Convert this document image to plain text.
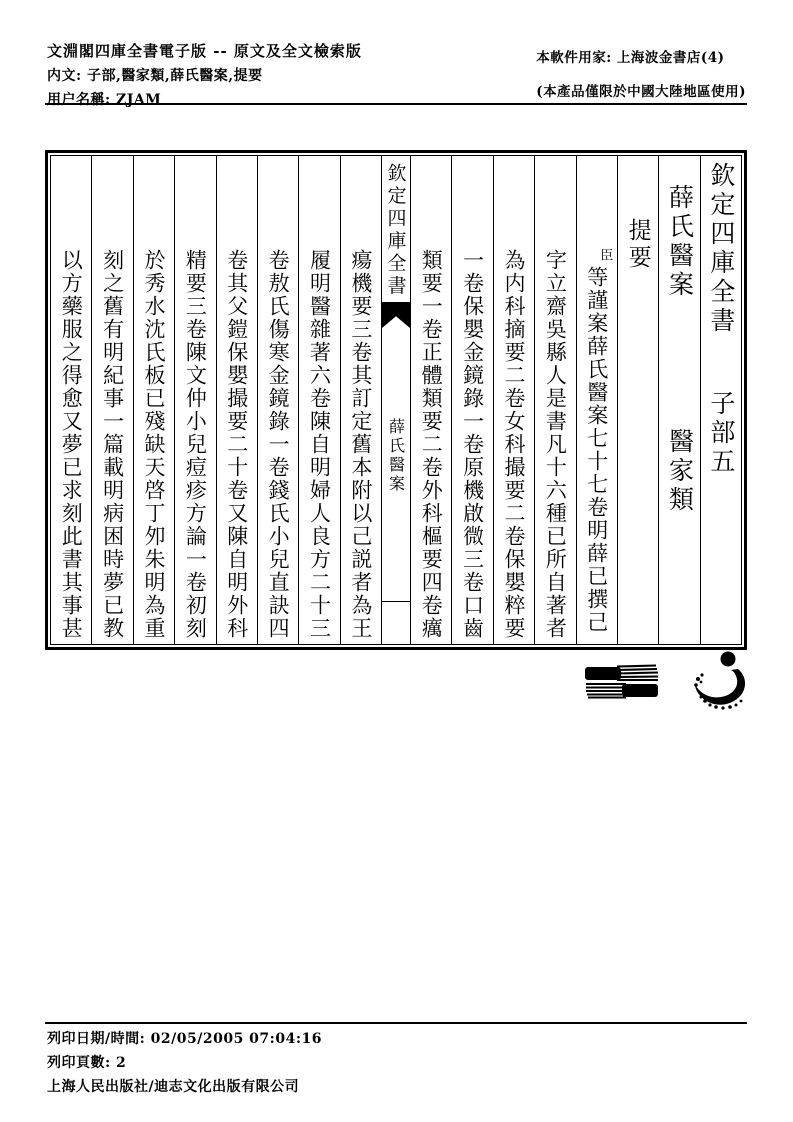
文淵閣四庫全書電子版 -- 原文及全文檢索版
内文: 子部,醫家類,薛氏醫案,提要
用户名稱: ZJAM
本軟件用家: 上海波金書店(4)
(本產品僅限於中國大陸地區使用)
欽定四庫全書
子部五
薛氏醫案
醫家類
提要
臣
等謹案薛氏醫案七十七卷明薛已撰己
字立齋吳縣人是書凡十六種已所自著者
為内科摘要二卷女科撮要二卷保嬰粹要
一卷保嬰金鏡錄一卷原機啟微三卷口齒
類要一卷正體類要二卷外科樞要四卷癘
欽定四庫全書
薛氏醫案
瘍機要三卷其訂定舊本附以己説者為王
履明醫雜著六卷陳自明婦人良方二十三
卷敖氏傷寒金鏡錄一卷錢氏小兒直訣四
卷其父鎧保嬰撮要二十卷又陳自明外科
精要三卷陳文仲小兒痘疹方論一卷初刻
於秀水沈氏板已殘缺天啓丁夘朱明為重
刻之舊有明紀事一篇載明病困時夢已教
以方藥服之得愈又夢已求刻此書其事甚
列印日期/時間: 02/05/2005 07:04:16
列印頁數: 2
上海人民出版社/迪志文化出版有限公司
